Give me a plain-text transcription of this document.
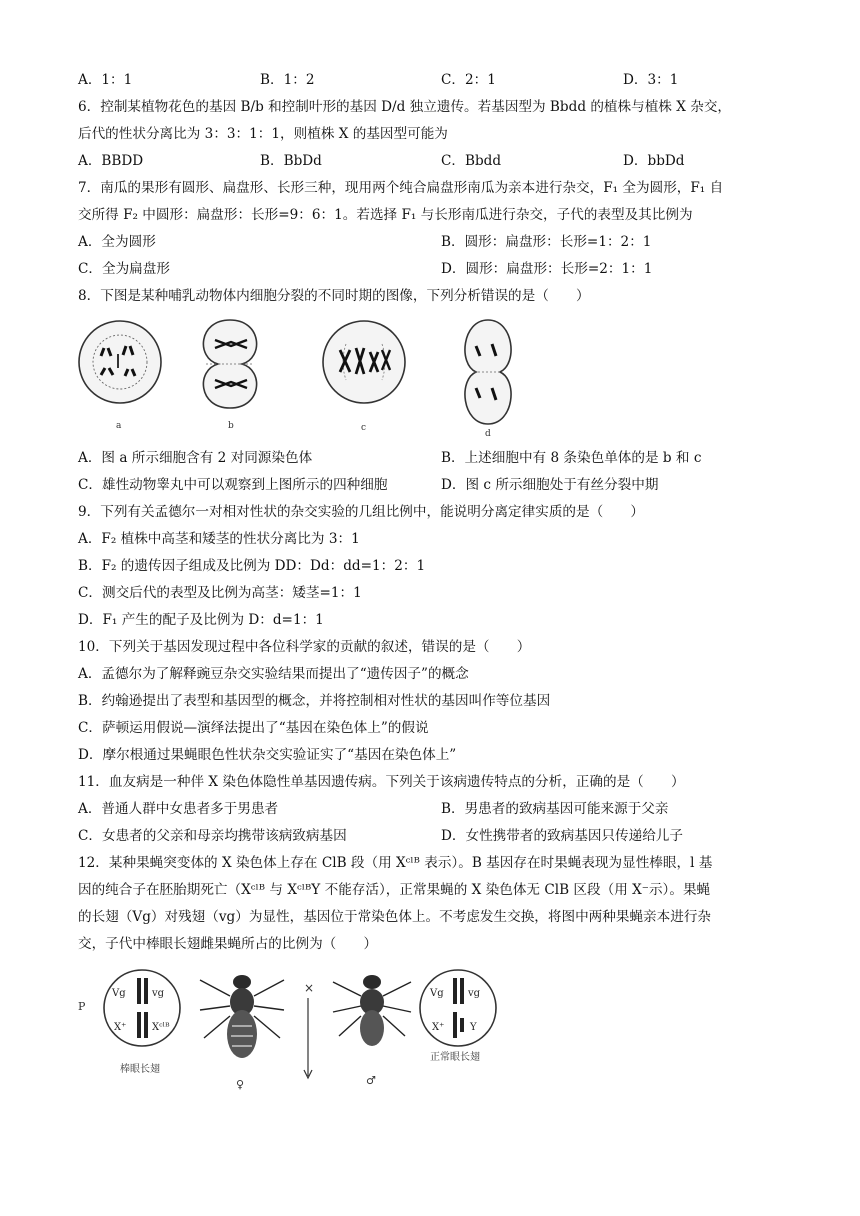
A．1：1	B．1：2	C．2：1	D．3：1
6．控制某植物花色的基因 B/b 和控制叶形的基因 D/d 独立遗传。若基因型为 Bbdd 的植株与植株 X 杂交，
后代的性状分离比为 3：3：1：1，则植株 X 的基因型可能为
A．BBDD	B．BbDd	C．Bbdd	D．bbDd
7．南瓜的果形有圆形、扁盘形、长形三种，现用两个纯合扁盘形南瓜为亲本进行杂交，F₁ 全为圆形，F₁ 自
交所得 F₂ 中圆形：扁盘形：长形=9：6：1。若选择 F₁ 与长形南瓜进行杂交，子代的表型及其比例为
A．全为圆形	B．圆形：扁盘形：长形=1：2：1
C．全为扁盘形	D．圆形：扁盘形：长形=2：1：1
8．下图是某种哺乳动物体内细胞分裂的不同时期的图像，下列分析错误的是（　　）
a	b	c
d
A．图 a 所示细胞含有 2 对同源染色体	B．上述细胞中有 8 条染色单体的是 b 和 c
C．雄性动物睾丸中可以观察到上图所示的四种细胞	D．图 c 所示细胞处于有丝分裂中期
9．下列有关孟德尔一对相对性状的杂交实验的几组比例中，能说明分离定律实质的是（　　）
A．F₂ 植株中高茎和矮茎的性状分离比为 3：1
B．F₂ 的遗传因子组成及比例为 DD：Dd：dd=1：2：1
C．测交后代的表型及比例为高茎：矮茎=1：1
D．F₁ 产生的配子及比例为 D：d=1：1
10．下列关于基因发现过程中各位科学家的贡献的叙述，错误的是（　　）
A．孟德尔为了解释豌豆杂交实验结果而提出了“遗传因子”的概念
B．约翰逊提出了表型和基因型的概念，并将控制相对性状的基因叫作等位基因
C．萨顿运用假说—演绎法提出了“基因在染色体上”的假说
D．摩尔根通过果蝇眼色性状杂交实验证实了“基因在染色体上”
11．血友病是一种伴 X 染色体隐性单基因遗传病。下列关于该病遗传特点的分析，正确的是（　　）
A．普通人群中女患者多于男患者	B．男患者的致病基因可能来源于父亲
C．女患者的父亲和母亲均携带该病致病基因	D．女性携带者的致病基因只传递给儿子
12．某种果蝇突变体的 X 染色体上存在 ClB 段（用 Xᶜˡᴮ 表示）。B 基因存在时果蝇表现为显性棒眼，l 基
因的纯合子在胚胎期死亡（Xᶜˡᴮ 与 XᶜˡᴮY 不能存活），正常果蝇的 X 染色体无 ClB 区段（用 X⁻示）。果蝇
的长翅（Vg）对残翅（vg）为显性，基因位于常染色体上。不考虑发生交换，将图中两种果蝇亲本进行杂
交，子代中棒眼长翅雌果蝇所占的比例为（　　）
P
Vg	vg
X⁺	Xᶜˡᴮ
棒眼长翅
♀
×
♂
Vg vg
X⁺	Y
正常眼长翅
